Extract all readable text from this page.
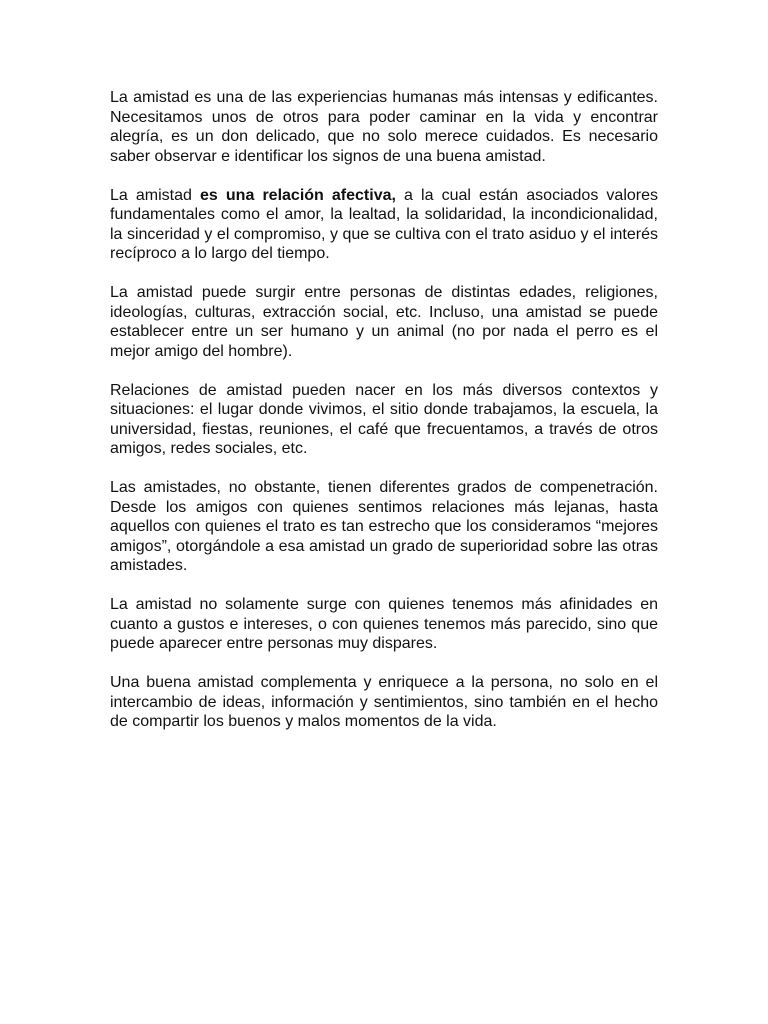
La amistad es una de las experiencias humanas más intensas y edificantes. Necesitamos unos de otros para poder caminar en la vida y encontrar alegría, es un don delicado, que no solo merece cuidados. Es necesario saber observar e identificar los signos de una buena amistad.

La amistad es una relación afectiva, a la cual están asociados valores fundamentales como el amor, la lealtad, la solidaridad, la incondicionalidad, la sinceridad y el compromiso, y que se cultiva con el trato asiduo y el interés recíproco a lo largo del tiempo.

La amistad puede surgir entre personas de distintas edades, religiones, ideologías, culturas, extracción social, etc. Incluso, una amistad se puede establecer entre un ser humano y un animal (no por nada el perro es el mejor amigo del hombre).

Relaciones de amistad pueden nacer en los más diversos contextos y situaciones: el lugar donde vivimos, el sitio donde trabajamos, la escuela, la universidad, fiestas, reuniones, el café que frecuentamos, a través de otros amigos, redes sociales, etc.

Las amistades, no obstante, tienen diferentes grados de compenetración. Desde los amigos con quienes sentimos relaciones más lejanas, hasta aquellos con quienes el trato es tan estrecho que los consideramos “mejores amigos”, otorgándole a esa amistad un grado de superioridad sobre las otras amistades.

La amistad no solamente surge con quienes tenemos más afinidades en cuanto a gustos e intereses, o con quienes tenemos más parecido, sino que puede aparecer entre personas muy dispares.

Una buena amistad complementa y enriquece a la persona, no solo en el intercambio de ideas, información y sentimientos, sino también en el hecho de compartir los buenos y malos momentos de la vida.
